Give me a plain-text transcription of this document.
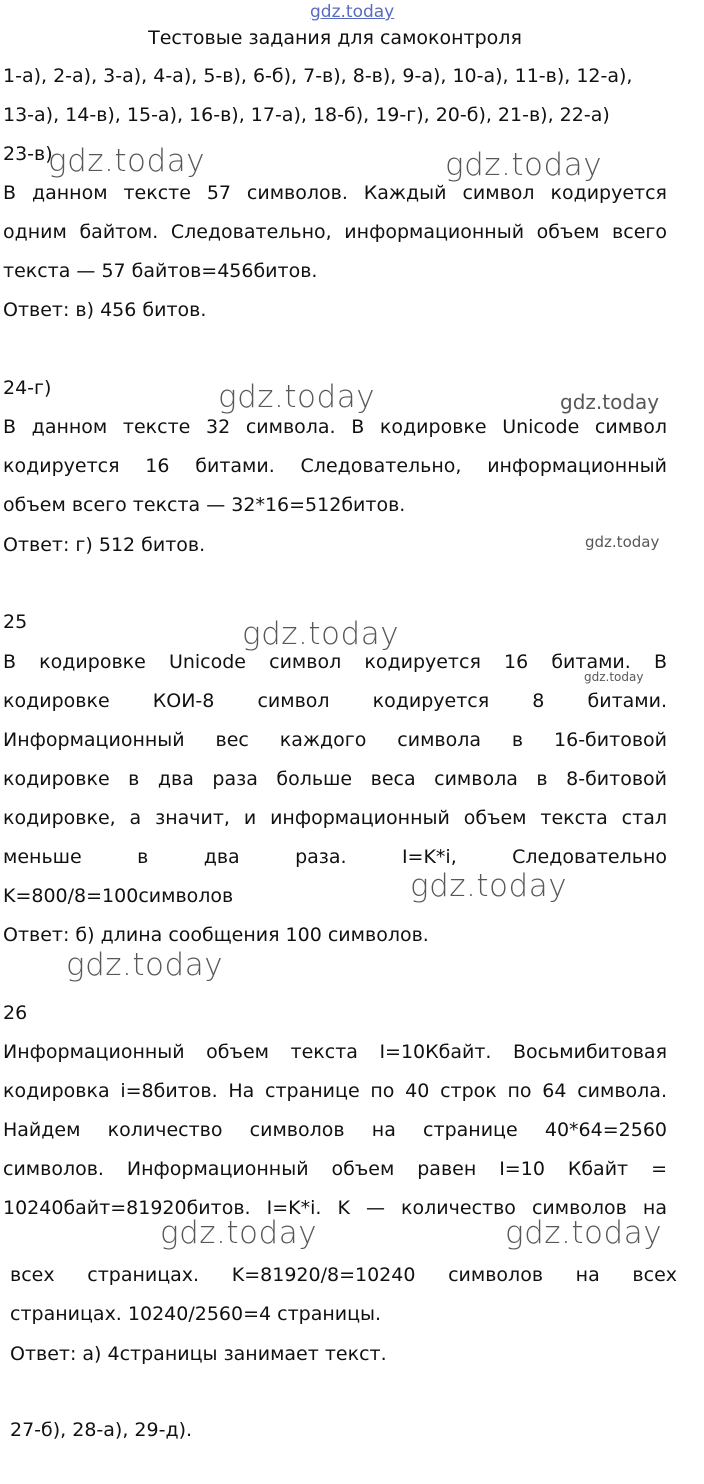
gdz.today
Тестовые задания для самоконтроля
1-а), 2-а), 3-а), 4-а), 5-в), 6-б), 7-в), 8-в), 9-а), 10-а), 11-в), 12-а),
13-а), 14-в), 15-а), 16-в), 17-а), 18-б), 19-г), 20-б), 21-в), 22-а)
23-в)
gdz.today	gdz.today
В данном тексте 57 символов. Каждый символ кодируется
одним байтом. Следовательно, информационный объем всего
текста — 57 байтов=456битов.
Ответ: в) 456 битов.
24-г)	gdz.today	gdz.today
В данном тексте 32 символа. В кодировке Unicode символ
кодируется 16 битами. Следовательно, информационный
объем всего текста — 32*16=512битов.
Ответ: г) 512 битов.	gdz.today
25	gdz.today
В кодировке Unicode символ кодируется 16 битами. В
gdz.today
кодировке КОИ-8 символ кодируется 8 битами.
Информационный вес каждого символа в 16-битовой
кодировке в два раза больше веса символа в 8-битовой
кодировке, а значит, и информационный объем текста стал
меньше в два раза. I=K*i, Следовательно
K=800/8=100символов	gdz.today
Ответ: б) длина сообщения 100 символов.
gdz.today
26
Информационный объем текста I=10Кбайт. Восьмибитовая
кодировка i=8битов. На странице по 40 строк по 64 символа.
Найдем количество символов на странице 40*64=2560
символов. Информационный объем равен I=10 Кбайт =
10240байт=81920битов. I=K*i. K — количество символов на
gdz.today	gdz.today
всех страницах. K=81920/8=10240 символов на всех
страницах. 10240/2560=4 страницы.
Ответ: а) 4страницы занимает текст.
27-б), 28-а), 29-д).
